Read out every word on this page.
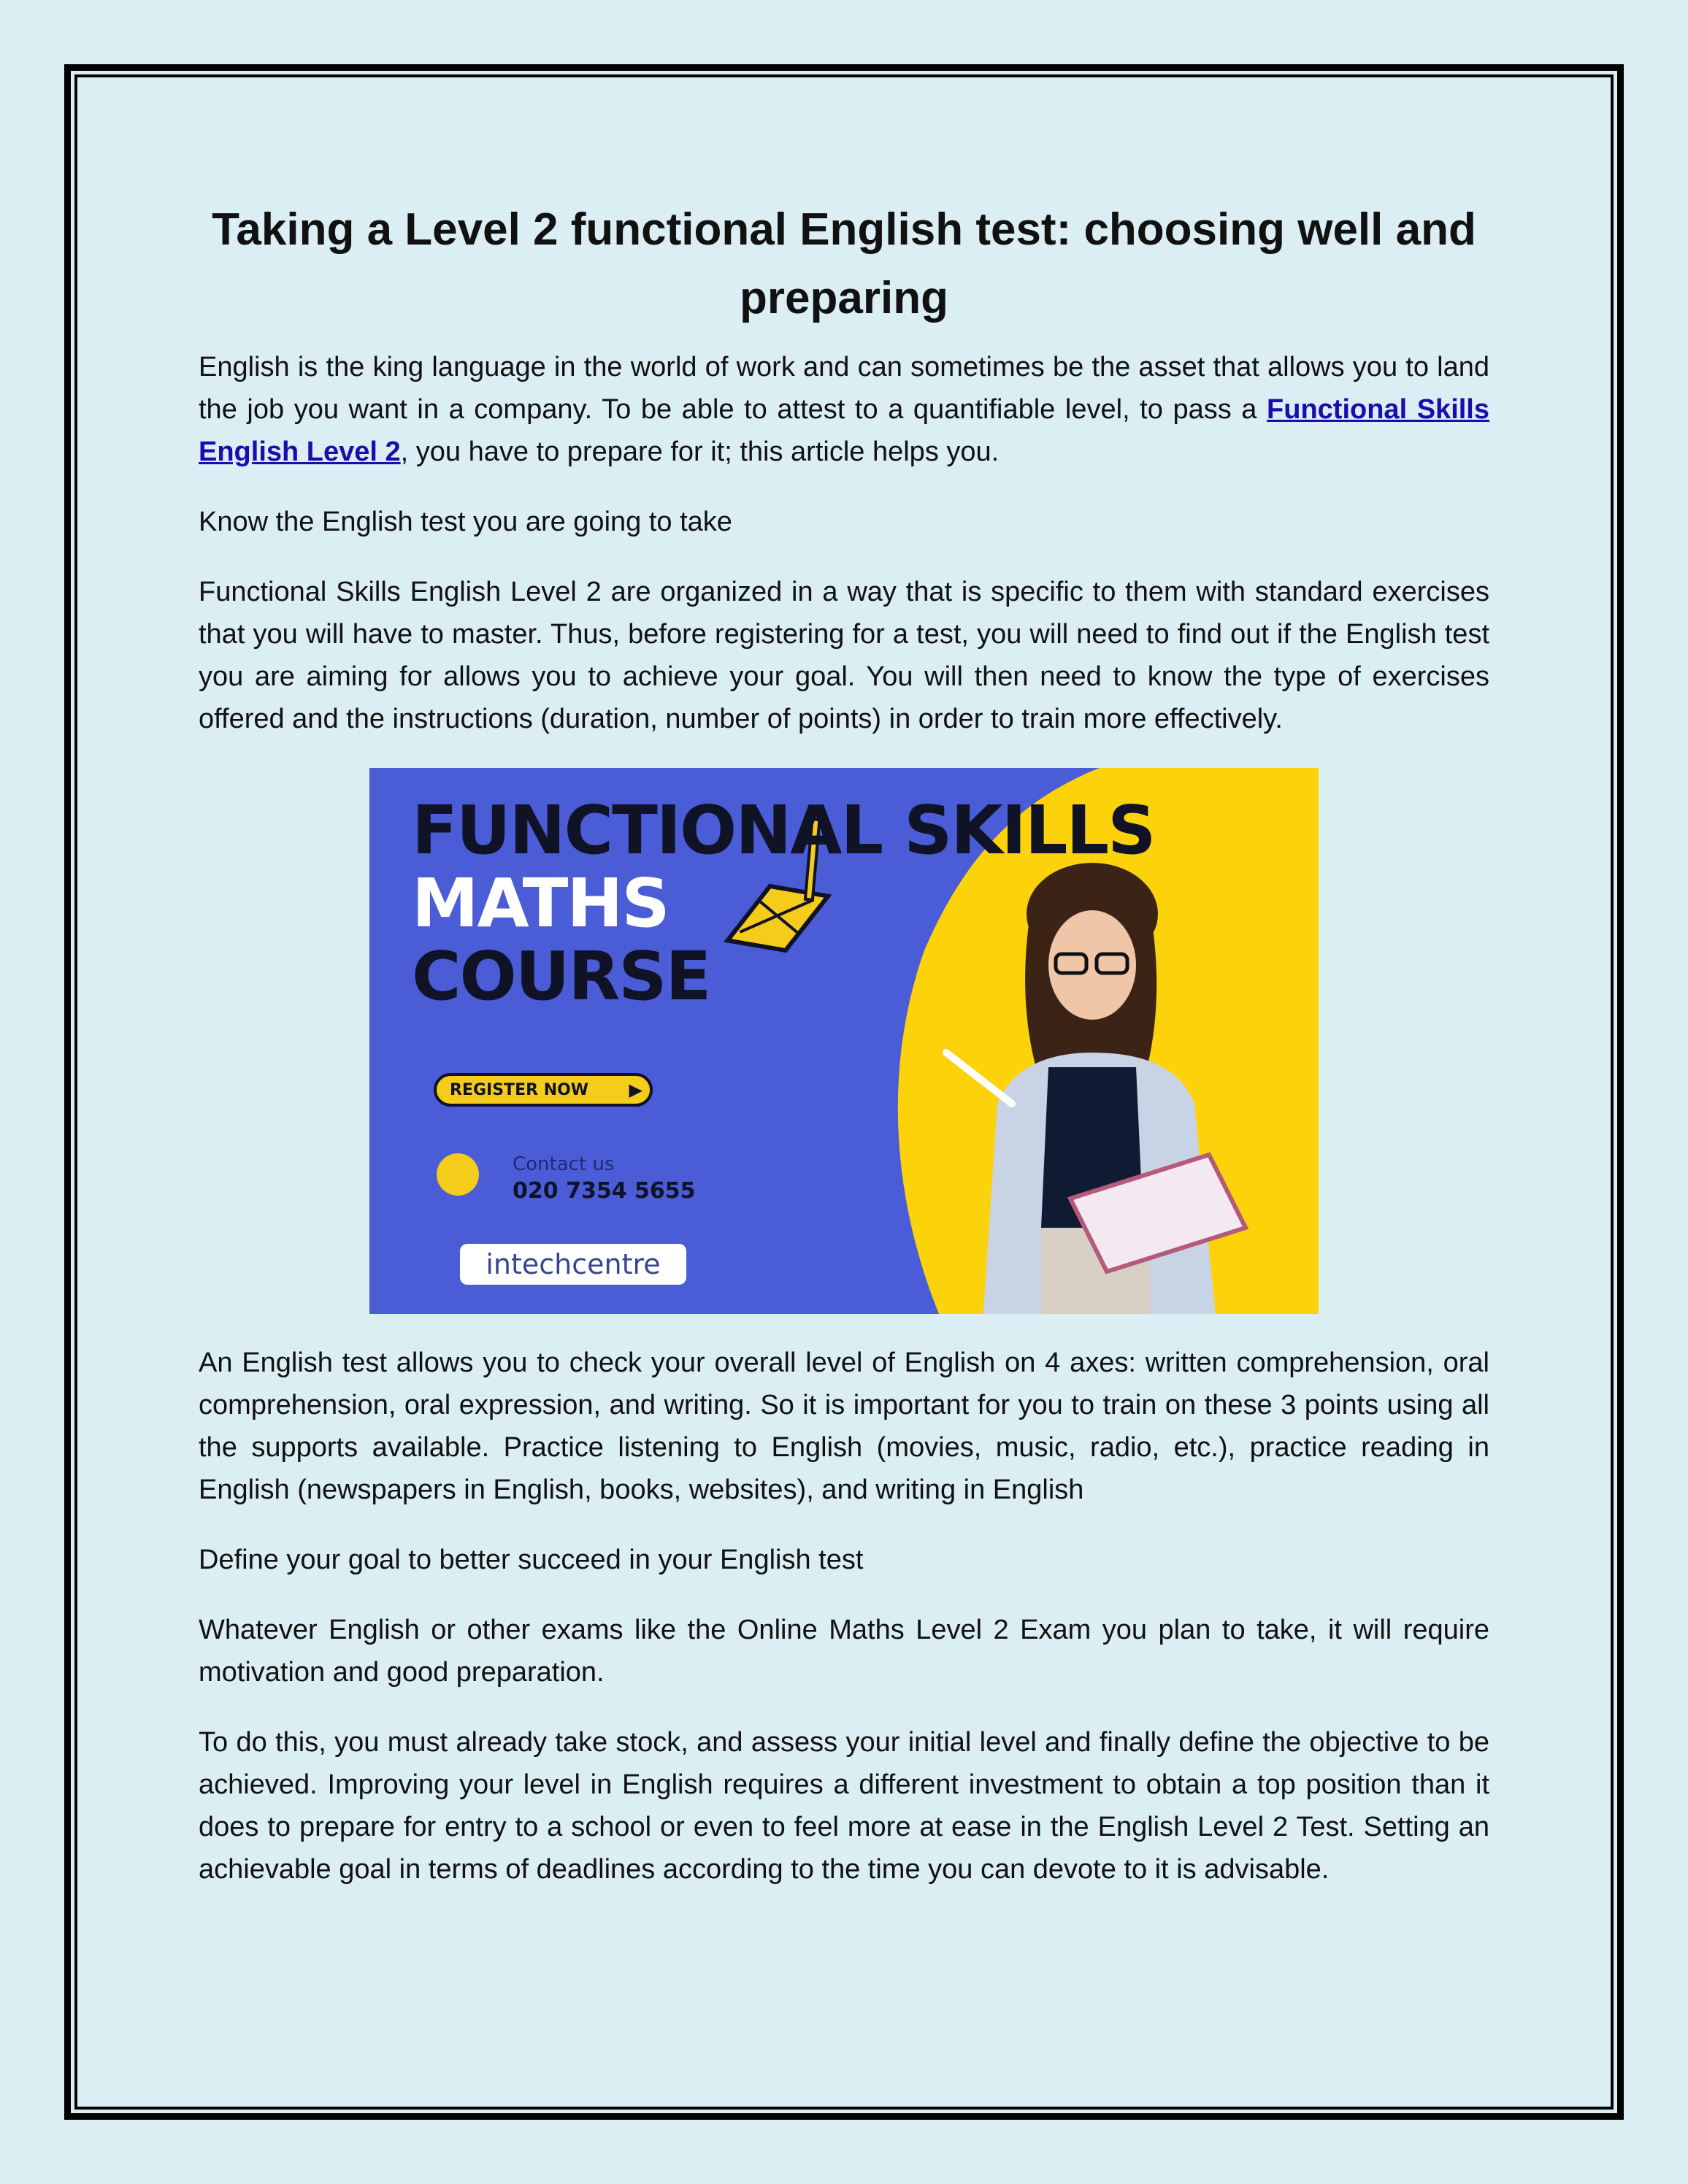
Taking a Level 2 functional English test: choosing well and preparing

English is the king language in the world of work and can sometimes be the asset that allows you to land the job you want in a company. To be able to attest to a quantifiable level, to pass a Functional Skills English Level 2, you have to prepare for it; this article helps you.

Know the English test you are going to take

Functional Skills English Level 2 are organized in a way that is specific to them with standard exercises that you will have to master. Thus, before registering for a test, you will need to find out if the English test you are aiming for allows you to achieve your goal. You will then need to know the type of exercises offered and the instructions (duration, number of points) in order to train more effectively.

FUNCTIONAL SKILLS
MATHS
COURSE
REGISTER NOW ▶
Contact us
020 7354 5655
intechcentre

An English test allows you to check your overall level of English on 4 axes: written comprehension, oral comprehension, oral expression, and writing. So it is important for you to train on these 3 points using all the supports available. Practice listening to English (movies, music, radio, etc.), practice reading in English (newspapers in English, books, websites), and writing in English

Define your goal to better succeed in your English test

Whatever English or other exams like the Online Maths Level 2 Exam you plan to take, it will require motivation and good preparation.

To do this, you must already take stock, and assess your initial level and finally define the objective to be achieved. Improving your level in English requires a different investment to obtain a top position than it does to prepare for entry to a school or even to feel more at ease in the English Level 2 Test. Setting an achievable goal in terms of deadlines according to the time you can devote to it is advisable.
